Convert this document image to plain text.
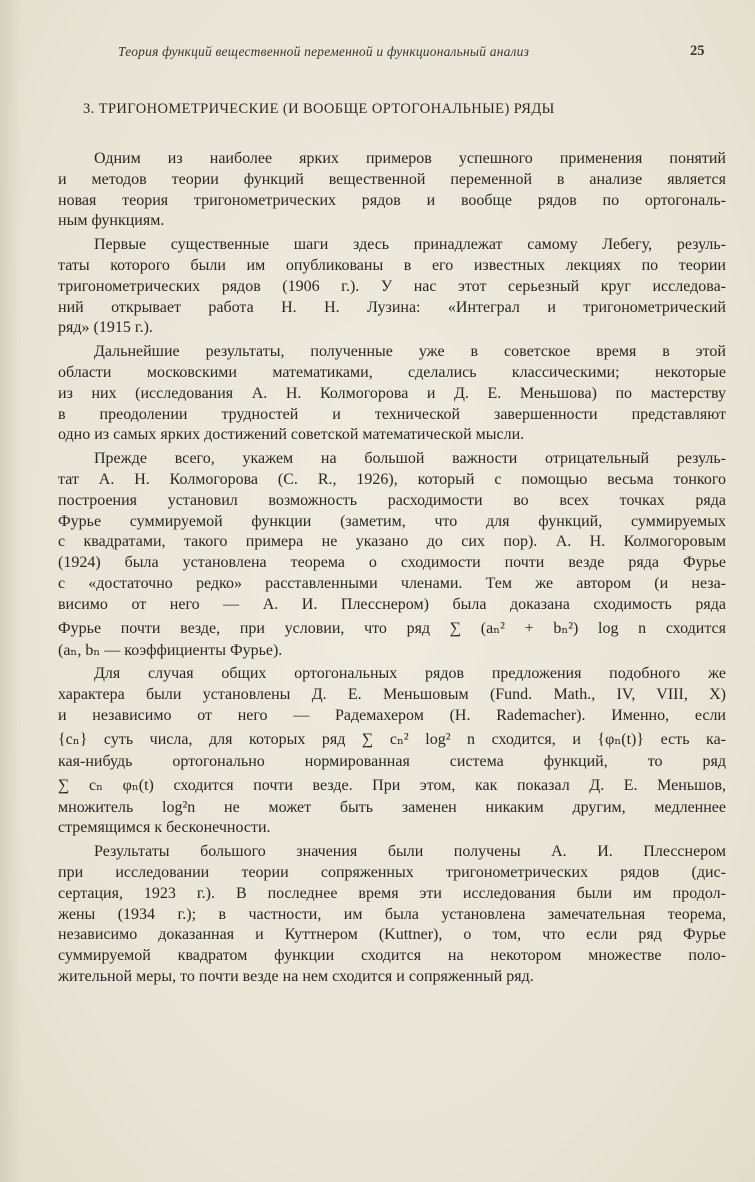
Теория функций вещественной переменной и функциональный анализ	25
3. ТРИГОНОМЕТРИЧЕСКИЕ (И ВООБЩЕ ОРТОГОНАЛЬНЫЕ) РЯДЫ
Одним из наиболее ярких примеров успешного применения понятий
и методов теории функций вещественной переменной в анализе является
новая теория тригонометрических рядов и вообще рядов по ортогональ-
ным функциям.
Первые существенные шаги здесь принадлежат самому Лебегу, резуль-
таты которого были им опубликованы в его известных лекциях по теории
тригонометрических рядов (1906 г.). У нас этот серьезный круг исследова-
ний открывает работа Н. Н. Лузина: «Интеграл и тригонометрический
ряд» (1915 г.).
Дальнейшие результаты, полученные уже в советское время в этой
области московскими математиками, сделались классическими; некоторые
из них (исследования А. Н. Колмогорова и Д. Е. Меньшова) по мастерству
в преодолении трудностей и технической завершенности представляют
одно из самых ярких достижений советской математической мысли.
Прежде всего, укажем на большой важности отрицательный резуль-
тат А. Н. Колмогорова (C. R., 1926), который с помощью весьма тонкого
построения установил возможность расходимости во всех точках ряда
Фурье суммируемой функции (заметим, что для функций, суммируемых
с квадратами, такого примера не указано до сих пор). А. Н. Колмогоровым
(1924) была установлена теорема о сходимости почти везде ряда Фурье
с «достаточно редко» расставленными членами. Тем же автором (и неза-
висимо от него — А. И. Плесснером) была доказана сходимость ряда
Фурье почти везде, при условии, что ряд ∑ (aₙ² + bₙ²) log n сходится
(aₙ, bₙ — коэффициенты Фурье).
Для случая общих ортогональных рядов предложения подобного же
характера были установлены Д. Е. Меньшовым (Fund. Math., IV, VIII, X)
и независимо от него — Радемахером (H. Rademacher). Именно, если
{cₙ} суть числа, для которых ряд ∑ cₙ² log² n сходится, и {φₙ(t)} есть ка-
кая-нибудь ортогонально нормированная система функций, то ряд
∑ cₙ φₙ(t) сходится почти везде. При этом, как показал Д. Е. Меньшов,
множитель log²n не может быть заменен никаким другим, медленнее
стремящимся к бесконечности.
Результаты большого значения были получены А. И. Плесснером
при исследовании теории сопряженных тригонометрических рядов (дис-
сертация, 1923 г.). В последнее время эти исследования были им продол-
жены (1934 г.); в частности, им была установлена замечательная теорема,
независимо доказанная и Куттнером (Kuttner), о том, что если ряд Фурье
суммируемой квадратом функции сходится на некотором множестве поло-
жительной меры, то почти везде на нем сходится и сопряженный ряд.
